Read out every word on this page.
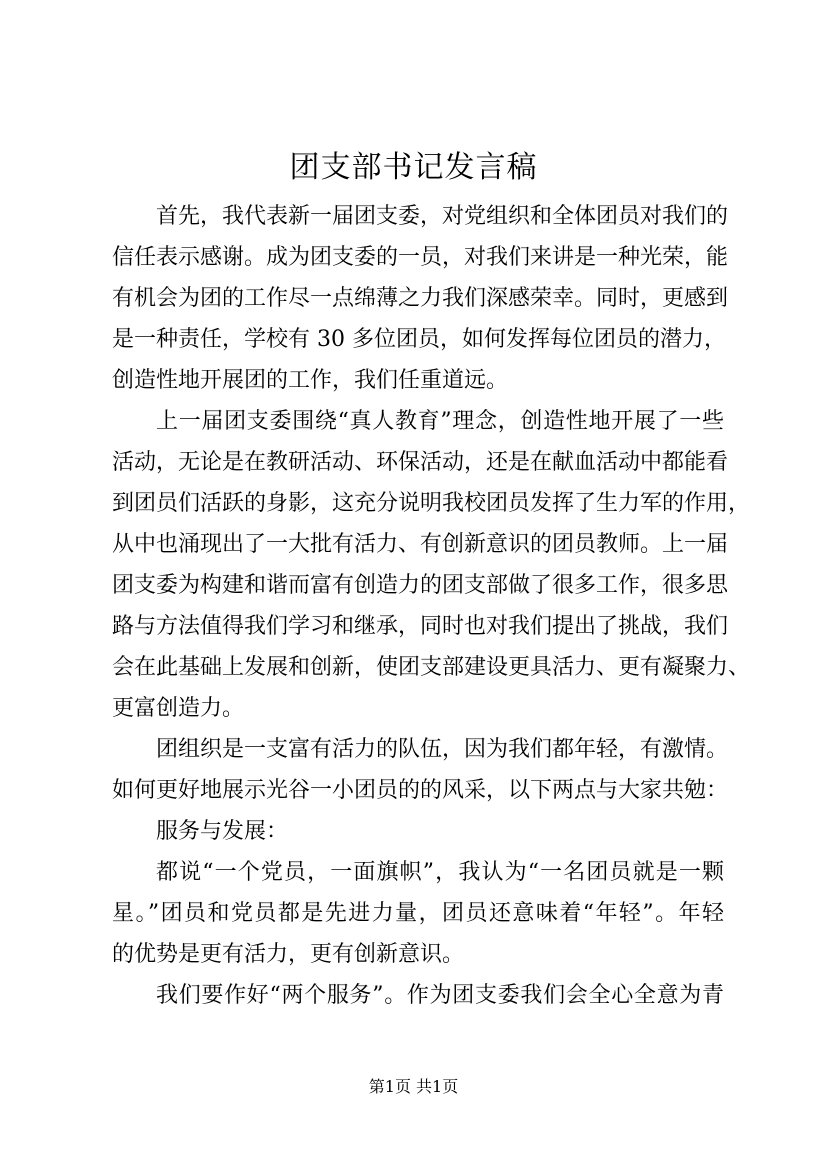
团支部书记发言稿
首先，我代表新一届团支委，对党组织和全体团员对我们的
信任表示感谢。成为团支委的一员，对我们来讲是一种光荣，能
有机会为团的工作尽一点绵薄之力我们深感荣幸。同时，更感到
是一种责任，学校有 30 多位团员，如何发挥每位团员的潜力，
创造性地开展团的工作，我们任重道远。
上一届团支委围绕“真人教育”理念，创造性地开展了一些
活动，无论是在教研活动、环保活动，还是在献血活动中都能看
到团员们活跃的身影，这充分说明我校团员发挥了生力军的作用，
从中也涌现出了一大批有活力、有创新意识的团员教师。上一届
团支委为构建和谐而富有创造力的团支部做了很多工作，很多思
路与方法值得我们学习和继承，同时也对我们提出了挑战，我们
会在此基础上发展和创新，使团支部建设更具活力、更有凝聚力、
更富创造力。
团组织是一支富有活力的队伍，因为我们都年轻，有激情。
如何更好地展示光谷一小团员的的风采，以下两点与大家共勉：
服务与发展：
都说“一个党员，一面旗帜”，我认为“一名团员就是一颗
星。”团员和党员都是先进力量，团员还意味着“年轻”。年轻
的优势是更有活力，更有创新意识。
我们要作好“两个服务”。作为团支委我们会全心全意为青
第1页 共1页
